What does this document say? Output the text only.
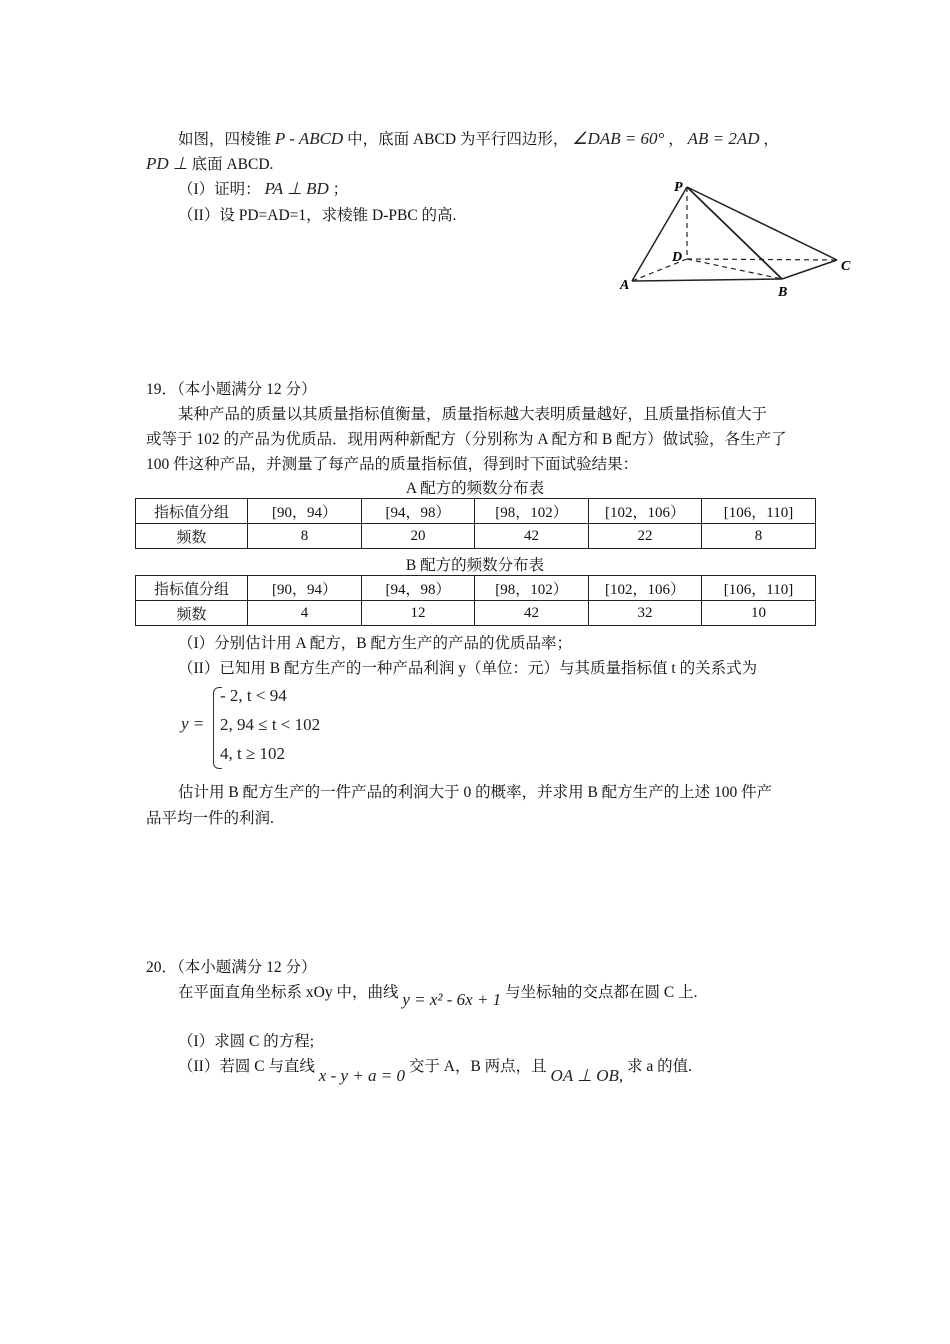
如图，四棱锥 P - ABCD 中，底面 ABCD 为平行四边形， ∠DAB = 60° ， AB = 2AD ，
PD ⊥ 底面 ABCD.
（I）证明： PA ⊥ BD ；
（II）设 PD=AD=1，求棱锥 D-PBC 的高.
P
D
A	B
C
19．（本小题满分 12 分）
某种产品的质量以其质量指标值衡量，质量指标越大表明质量越好，且质量指标值大于
或等于 102 的产品为优质品．现用两种新配方（分别称为 A 配方和 B 配方）做试验，各生产了
100 件这种产品，并测量了每产品的质量指标值，得到时下面试验结果：
A 配方的频数分布表
指标值分组	[90，94）	[94，98）	[98，102）	[102，106）	[106，110]
频数	8	20	42	22	8
B 配方的频数分布表
指标值分组	[90，94）	[94，98）	[98，102）	[102，106）	[106，110]
频数	4	12	42	32	10
（I）分别估计用 A 配方，B 配方生产的产品的优质品率；
（II）已知用 B 配方生产的一种产品利润 y（单位：元）与其质量指标值 t 的关系式为
y =
- 2, t < 94
2, 94 ≤ t < 102
4, t ≥ 102
估计用 B 配方生产的一件产品的利润大于 0 的概率，并求用 B 配方生产的上述 100 件产
品平均一件的利润.
20．（本小题满分 12 分）
在平面直角坐标系 xOy 中，曲线 y = x² - 6x + 1 与坐标轴的交点都在圆 C 上.
（I）求圆 C 的方程;
（II）若圆 C 与直线 x - y + a = 0 交于 A，B 两点，且 OA ⊥ OB, 求 a 的值.
